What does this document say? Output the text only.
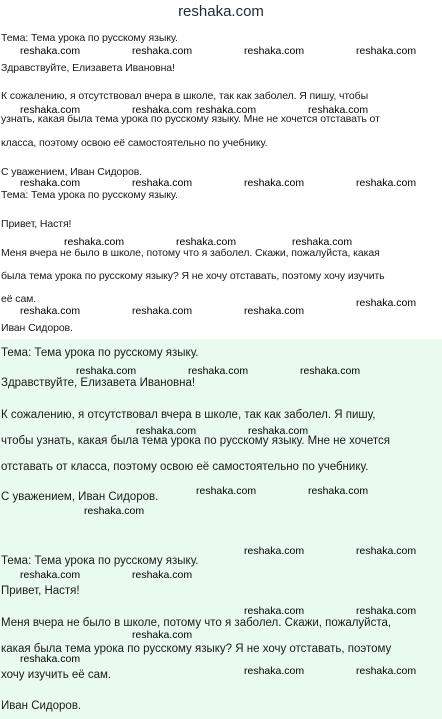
reshaka.com

Тема: Тема урока по русскому языку.

Здравствуйте, Елизавета Ивановна!

К сожалению, я отсутствовал вчера в школе, так как заболел. Я пишу, чтобы

узнать, какая была тема урока по русскому языку. Мне не хочется отставать от

класса, поэтому освою её самостоятельно по учебнику.

С уважением, Иван Сидоров.

Тема: Тема урока по русскому языку.

Привет, Настя!

Меня вчера не было в школе, потому что я заболел. Скажи, пожалуйста, какая

была тема урока по русскому языку? Я не хочу отставать, поэтому хочу изучить

её сам.

Иван Сидоров.

Тема: Тема урока по русскому языку.

Здравствуйте, Елизавета Ивановна!

К сожалению, я отсутствовал вчера в школе, так как заболел. Я пишу,

чтобы узнать, какая была тема урока по русскому языку. Мне не хочется

отставать от класса, поэтому освою её самостоятельно по учебнику.

С уважением, Иван Сидоров.

Тема: Тема урока по русскому языку.

Привет, Настя!

Меня вчера не было в школе, потому что я заболел. Скажи, пожалуйста,

какая была тема урока по русскому языку? Я не хочу отставать, поэтому

хочу изучить её сам.

Иван Сидоров.

reshaka.com	reshaka.com	reshaka.com	reshaka.com

reshaka.com	reshaka.com reshaka.com	reshaka.com

reshaka.com	reshaka.com	reshaka.com	reshaka.com

reshaka.com	reshaka.com	reshaka.com

reshaka.com

reshaka.com	reshaka.com	reshaka.com

reshaka.com	reshaka.com	reshaka.com

reshaka.com	reshaka.com

reshaka.com	reshaka.com

reshaka.com

reshaka.com	reshaka.com

reshaka.com	reshaka.com

reshaka.com	reshaka.com

reshaka.com

reshaka.com

reshaka.com	reshaka.com
